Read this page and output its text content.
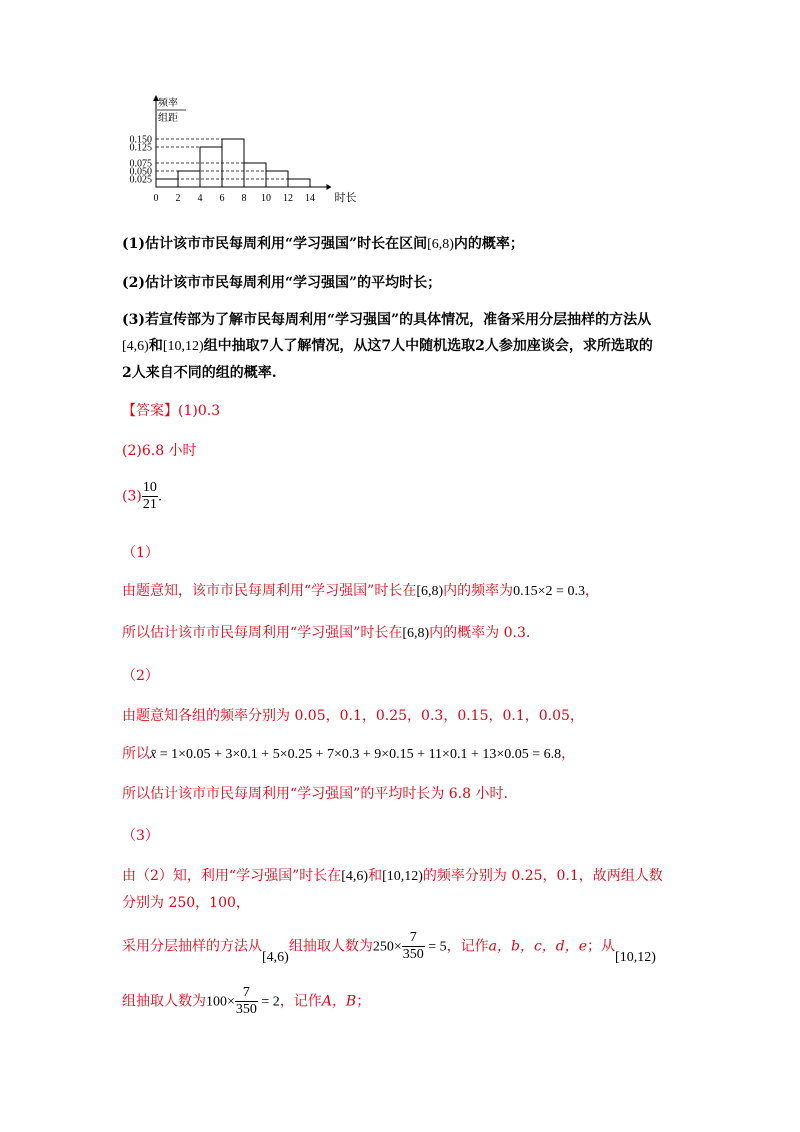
0.150
0.125
0.075
0.050
0.025
0 2 4 6 8 10 12 14 时长
频率
组距
(1)估计该市市民每周利用“学习强国”时长在区间[6,8)内的概率；
(2)估计该市市民每周利用“学习强国”的平均时长；
(3)若宣传部为了解市民每周利用“学习强国”的具体情况，准备采用分层抽样的方法从
[4,6)和[10,12)组中抽取7人了解情况，从这7人中随机选取2人参加座谈会，求所选取的
2人来自不同的组的概率.
【答案】(1)0.3
(2)6.8 小时
$(3) \frac{10}{21}$ .
（1）
由题意知，该市市民每周利用“学习强国”时长在[6,8)内的频率为0.15×2 = 0.3，
所以估计该市市民每周利用“学习强国”时长在[6,8)内的概率为 0.3.
（2）
由题意知各组的频率分别为 0.05，0.1，0.25，0.3，0.15，0.1，0.05，
所以x̄ = 1×0.05 + 3×0.1 + 5×0.25 + 7×0.3 + 9×0.15 + 11×0.1 + 13×0.05 = 6.8，
所以估计该市市民每周利用“学习强国”的平均时长为 6.8 小时.
（3）
由（2）知，利用“学习强国”时长在[4,6)和[10,12)的频率分别为 0.25，0.1，故两组人数
分别为 250，100，
采用分层抽样的方法从[4,6)组抽取人数为$250\times \frac{7}{350} = 5$，记作a，b，c，d，e；从[10,12)
组抽取人数为$100\times \frac{7}{350} = 2$，记作A，B；
